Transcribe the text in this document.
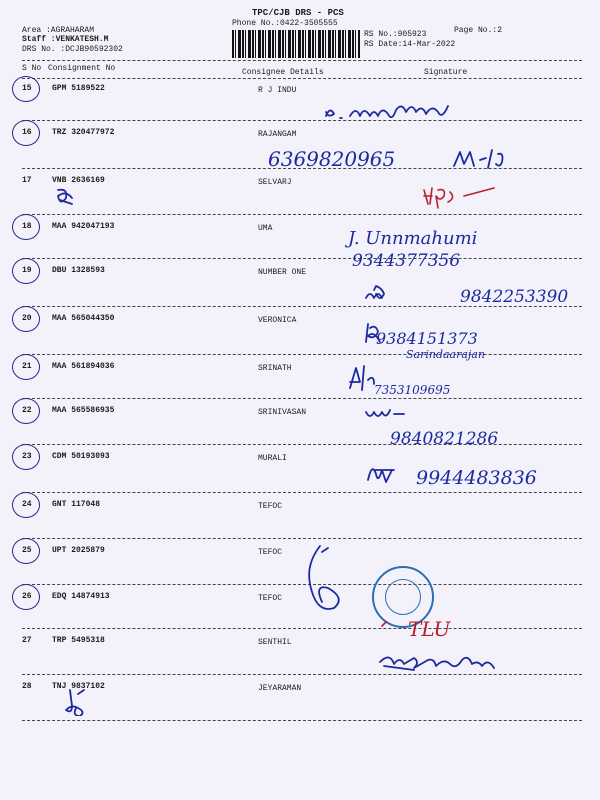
TPC/CJB DRS - PCS
Phone No.:0422-3505555
Area :AGRAHARAM
Staff :VENKATESH.M
DRS No. :DCJB90592302
RS No.:905923
RS Date:14-Mar-2022
Page No.:2
S No Consignment No	Consignee Details	Signature
15	GPM 5189522	R J INDU
16	TRZ 320477972	RAJANGAM
17	VNB 2636169	SELVARJ
18	MAA 942047193	UMA
19	DBU 1328593	NUMBER ONE
20	MAA 565044350	VERONICA
21	MAA 561894036	SRINATH
22	MAA 565586935	SRINIVASAN
23	CDM 50193093	MURALI
24	GNT 117048	TEFOC
25	UPT 2025879	TEFOC
26	EDQ 14874913	TEFOC
27	TRP 5495318	SENTHIL
28	TNJ 9837102	JEYARAMAN
6369820965
J. Unnmahumi
9344377356
9842253390
9384151373
Sarindaarajan
7353109695
9840821286
9944483836
TLU
